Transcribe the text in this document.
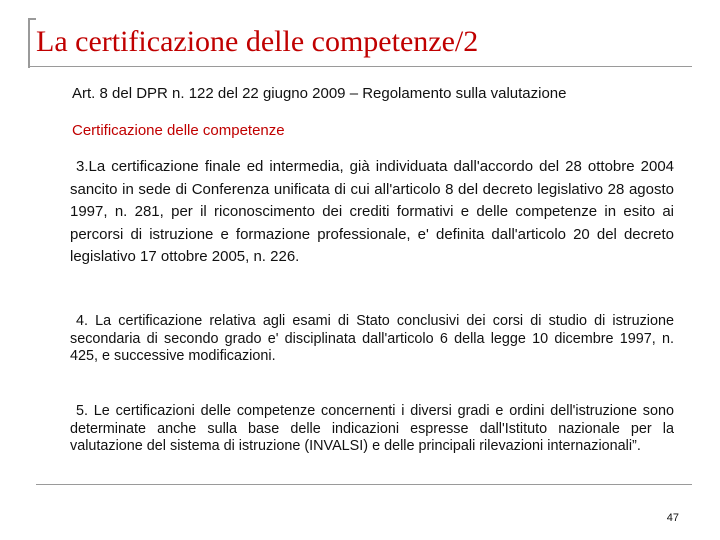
La certificazione delle competenze/2

Art. 8 del DPR n. 122 del 22 giugno 2009 – Regolamento sulla valutazione

Certificazione delle competenze

3.La certificazione finale ed intermedia, già individuata dall'accordo del 28 ottobre 2004 sancito in sede di Conferenza unificata di cui all'articolo 8 del decreto legislativo 28 agosto 1997, n. 281, per il riconoscimento dei crediti formativi e delle competenze in esito ai percorsi di istruzione e formazione professionale, e' definita dall'articolo 20 del decreto legislativo 17 ottobre 2005, n. 226.

4. La certificazione relativa agli esami di Stato conclusivi dei corsi di studio di istruzione secondaria di secondo grado e' disciplinata dall'articolo 6 della legge 10 dicembre 1997, n. 425, e successive modificazioni.

5. Le certificazioni delle competenze concernenti i diversi gradi e ordini dell'istruzione sono determinate anche sulla base delle indicazioni espresse dall'Istituto nazionale per la valutazione del sistema di istruzione (INVALSI) e delle principali rilevazioni internazionali”.

47
